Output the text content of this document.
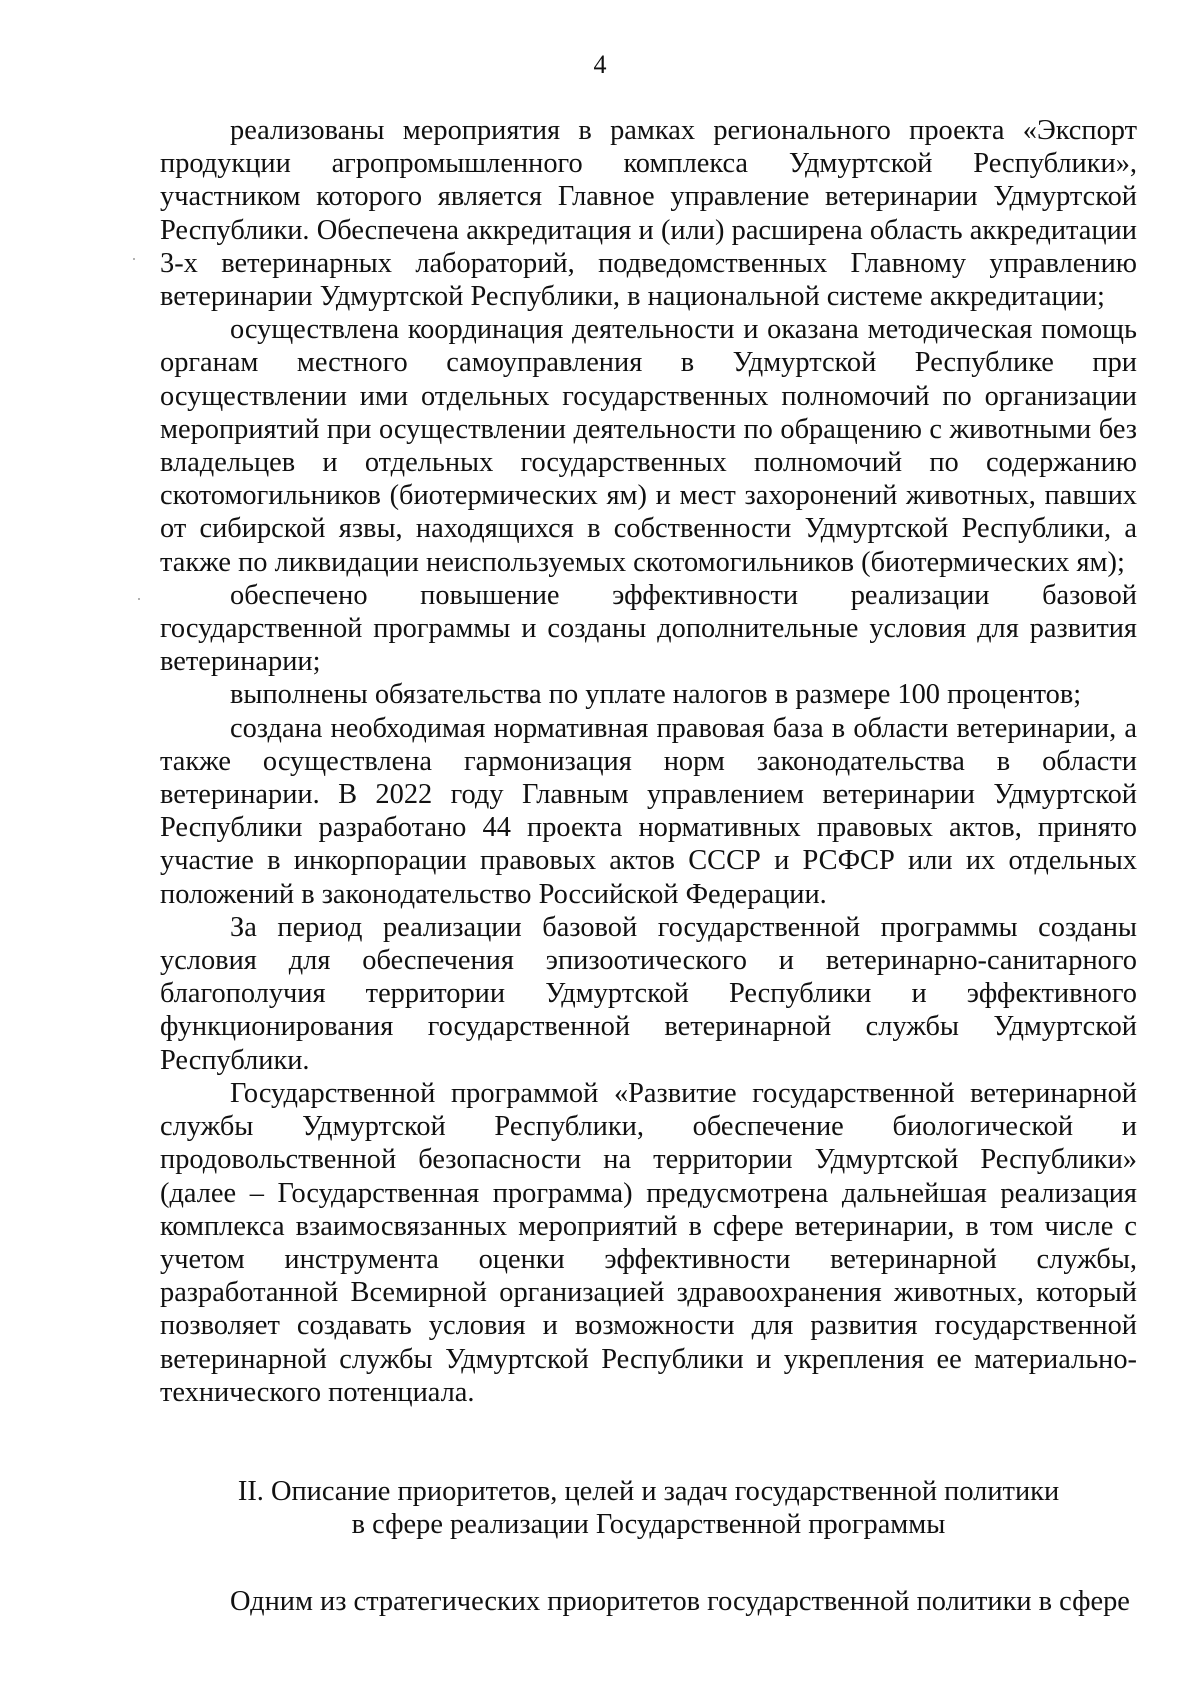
4

реализованы мероприятия в рамках регионального проекта «Экспорт продукции агропромышленного комплекса Удмуртской Республики», участником которого является Главное управление ветеринарии Удмуртской Республики. Обеспечена аккредитация и (или) расширена область аккредитации 3-х ветеринарных лабораторий, подведомственных Главному управлению ветеринарии Удмуртской Республики, в национальной системе аккредитации;

осуществлена координация деятельности и оказана методическая помощь органам местного самоуправления в Удмуртской Республике при осуществлении ими отдельных государственных полномочий по организации мероприятий при осуществлении деятельности по обращению с животными без владельцев и отдельных государственных полномочий по содержанию скотомогильников (биотермических ям) и мест захоронений животных, павших от сибирской язвы, находящихся в собственности Удмуртской Республики, а также по ликвидации неиспользуемых скотомогильников (биотермических ям);

обеспечено повышение эффективности реализации базовой государственной программы и созданы дополнительные условия для развития ветеринарии;

выполнены обязательства по уплате налогов в размере 100 процентов;

создана необходимая нормативная правовая база в области ветеринарии, а также осуществлена гармонизация норм законодательства в области ветеринарии. В 2022 году Главным управлением ветеринарии Удмуртской Республики разработано 44 проекта нормативных правовых актов, принято участие в инкорпорации правовых актов СССР и РСФСР или их отдельных положений в законодательство Российской Федерации.

За период реализации базовой государственной программы созданы условия для обеспечения эпизоотического и ветеринарно-санитарного благополучия территории Удмуртской Республики и эффективного функционирования государственной ветеринарной службы Удмуртской Республики.

Государственной программой «Развитие государственной ветеринарной службы Удмуртской Республики, обеспечение биологической и продовольственной безопасности на территории Удмуртской Республики» (далее – Государственная программа) предусмотрена дальнейшая реализация комплекса взаимосвязанных мероприятий в сфере ветеринарии, в том числе с учетом инструмента оценки эффективности ветеринарной службы, разработанной Всемирной организацией здравоохранения животных, который позволяет создавать условия и возможности для развития государственной ветеринарной службы Удмуртской Республики и укрепления ее материально-технического потенциала.

II. Описание приоритетов, целей и задач государственной политики
в сфере реализации Государственной программы

Одним из стратегических приоритетов государственной политики в сфере
